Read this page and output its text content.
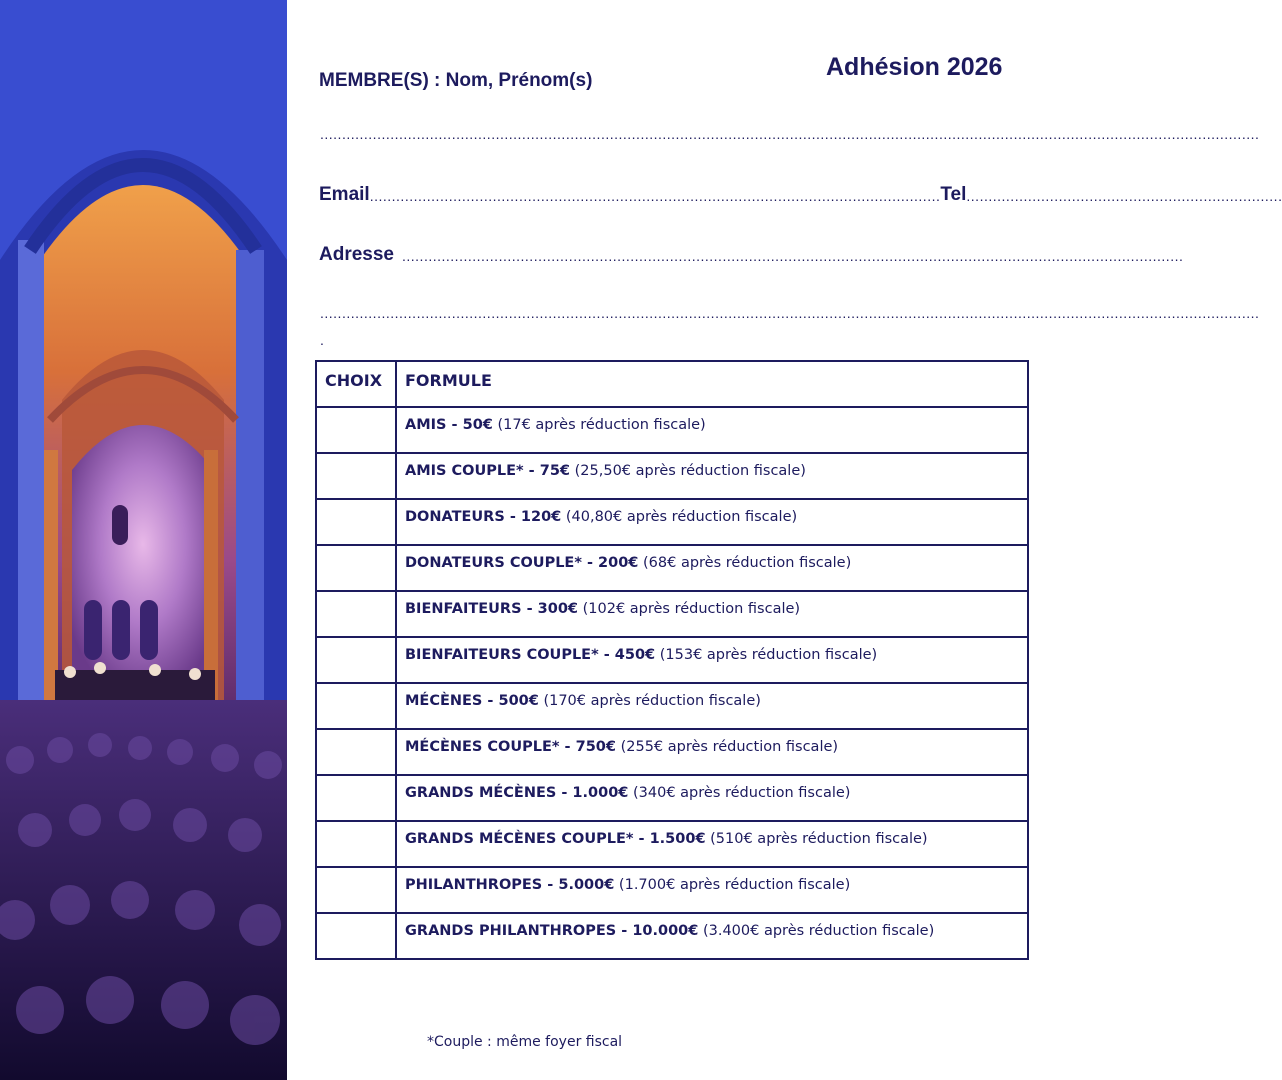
Adhésion 2026
MEMBRE(S) : Nom, Prénom(s)
......................................................................................................................................................................................................................
Email .................................................................................................................................. Tel ........................................................................
Adresse ..................................................................................................................................................................................
......................................................................................................................................................................................................................
.
CHOIX	FORMULE
	AMIS - 50€ (17€ après réduction fiscale)
	AMIS COUPLE* - 75€ (25,50€ après réduction fiscale)
	DONATEURS - 120€ (40,80€ après réduction fiscale)
	DONATEURS COUPLE* - 200€ (68€ après réduction fiscale)
	BIENFAITEURS - 300€ (102€ après réduction fiscale)
	BIENFAITEURS COUPLE* - 450€ (153€ après réduction fiscale)
	MÉCÈNES - 500€ (170€ après réduction fiscale)
	MÉCÈNES COUPLE* - 750€ (255€ après réduction fiscale)
	GRANDS MÉCÈNES - 1.000€ (340€ après réduction fiscale)
	GRANDS MÉCÈNES COUPLE* - 1.500€ (510€ après réduction fiscale)
	PHILANTHROPES - 5.000€ (1.700€ après réduction fiscale)
	GRANDS PHILANTHROPES - 10.000€ (3.400€ après réduction fiscale)
*Couple : même foyer fiscal
